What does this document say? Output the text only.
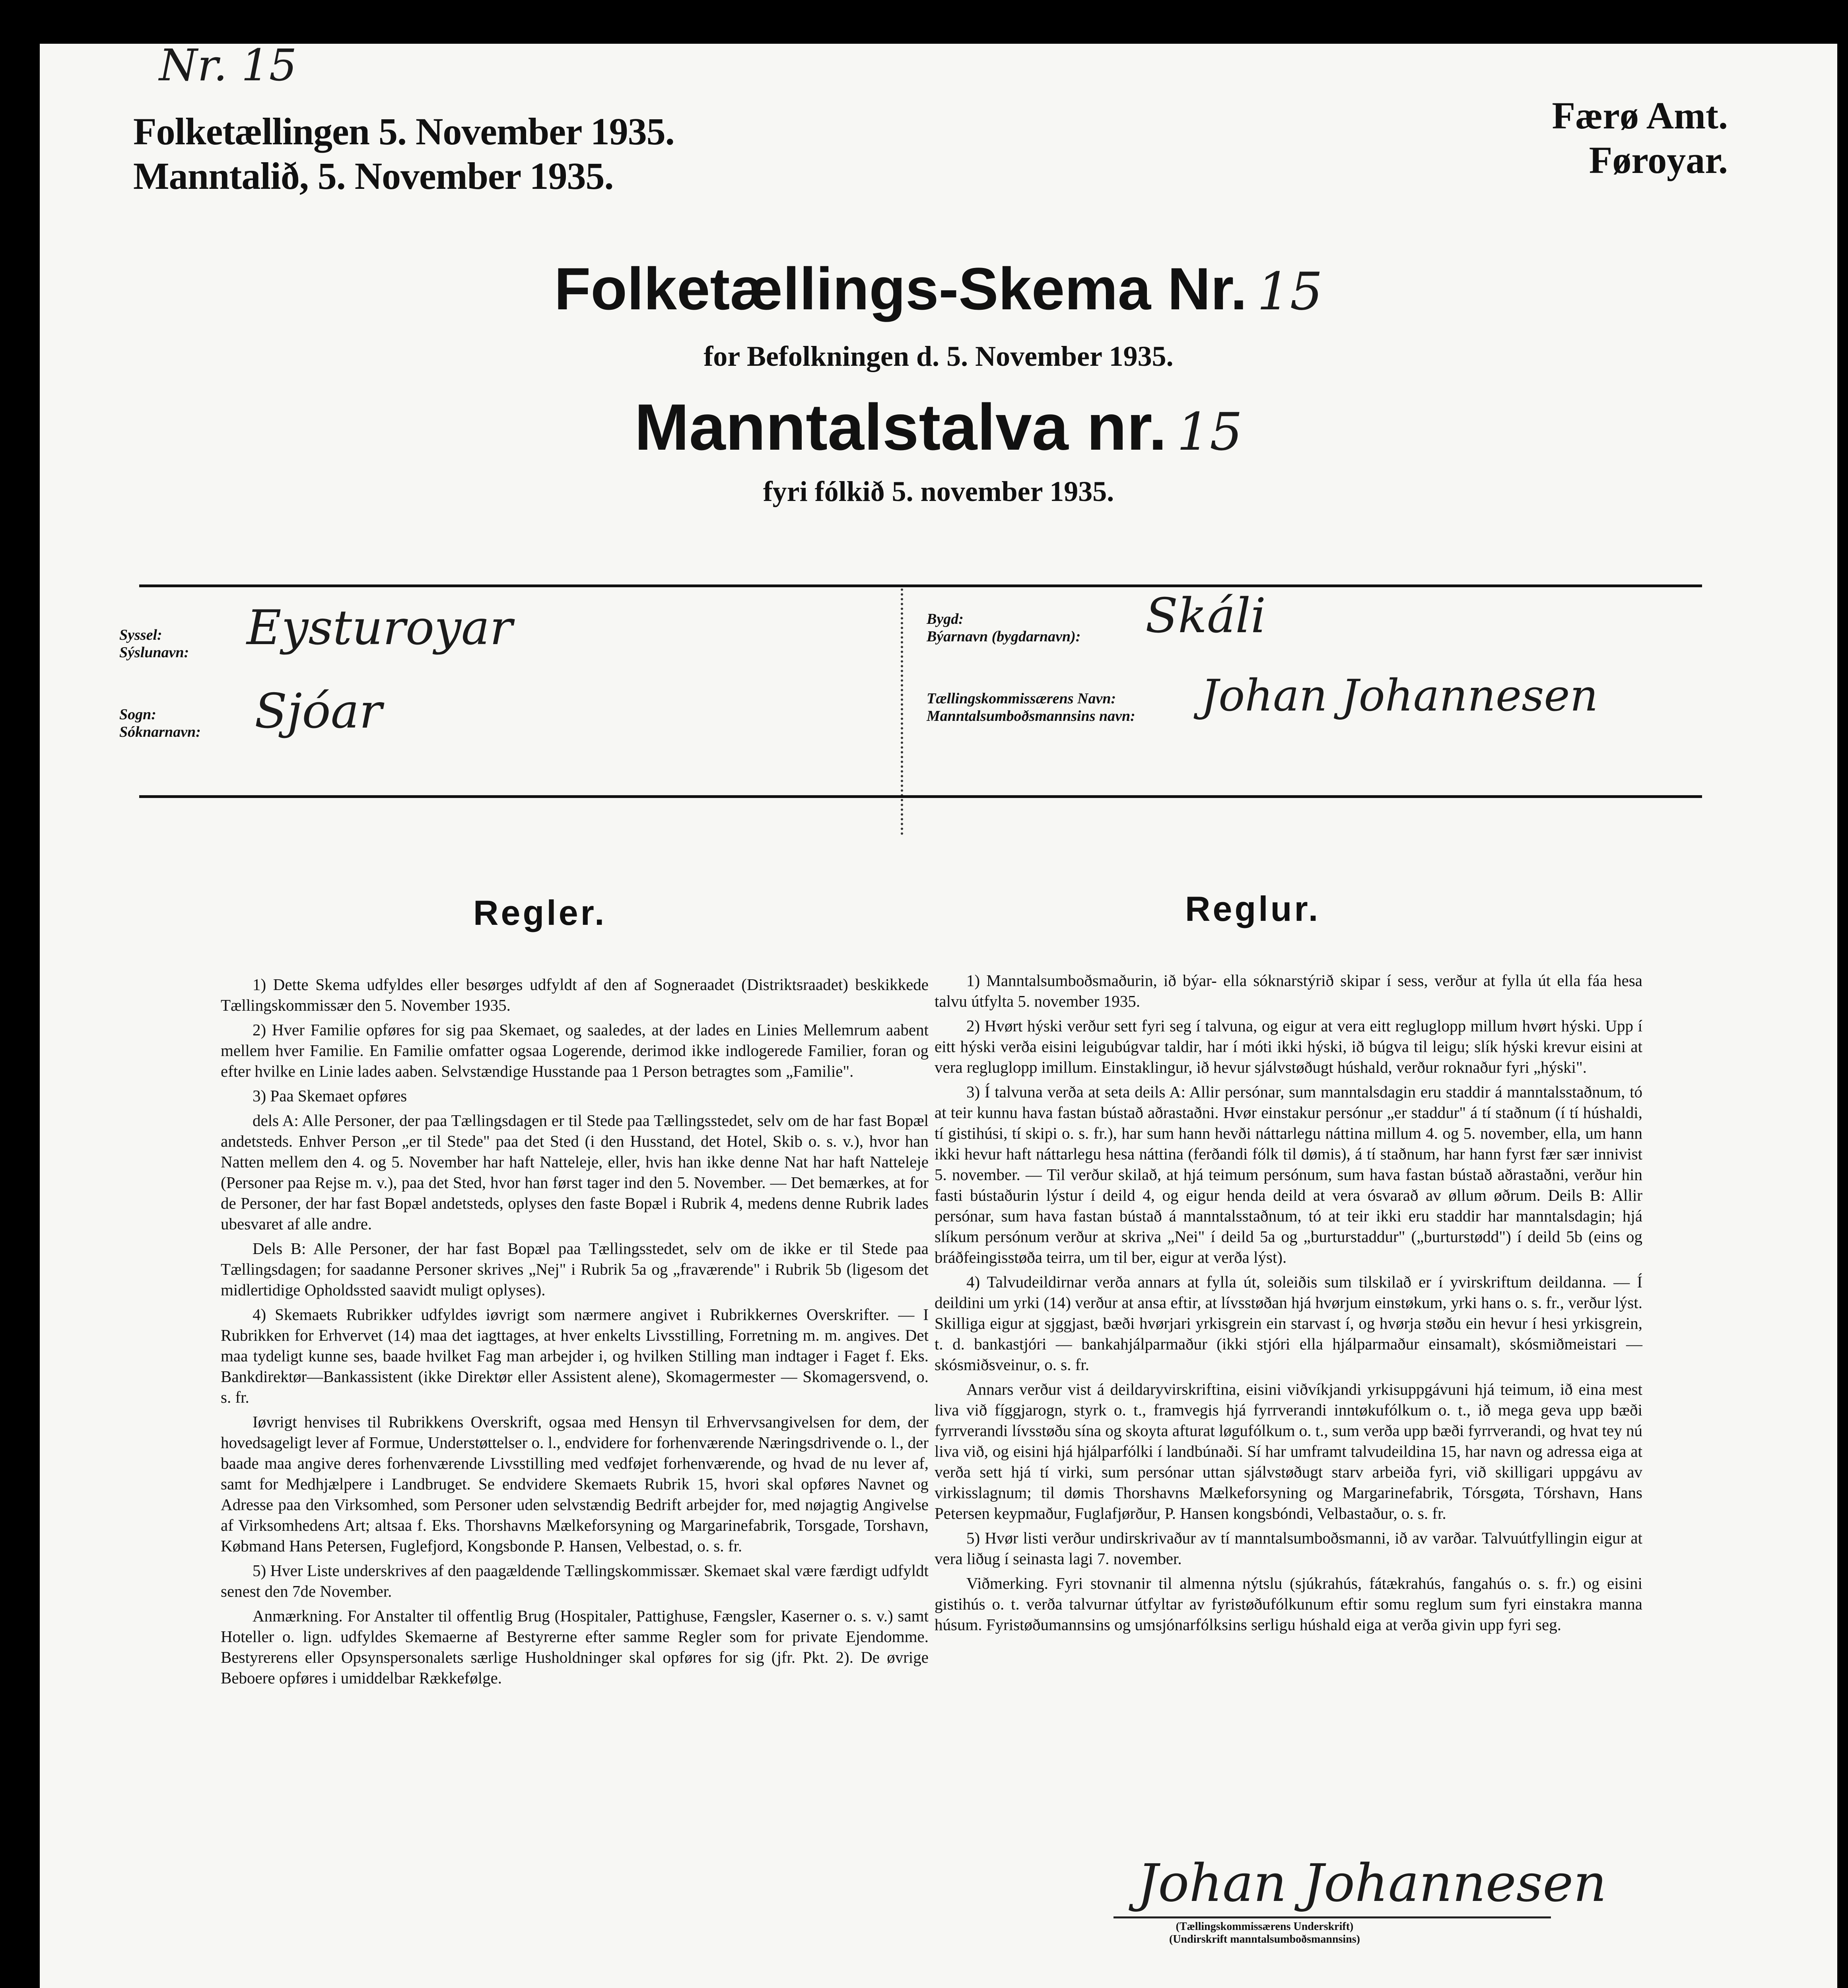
Nr. 15
Folketællingen 5. November 1935.
Manntalið, 5. November 1935.
Færø Amt.
Føroyar.
Folketællings-Skema Nr. 15
for Befolkningen d. 5. November 1935.
Manntalstalva nr. 15
fyri fólkið 5. november 1935.
Syssel:
Sýslunavn: Eysturoyar
Sogn:
Sóknarnavn: Sjóar
Bygd:
Býarnavn (bygdarnavn): Skáli
Tællingskommissærens Navn:
Manntalsumboðsmannsins navn: Johan Johannesen
Regler.

1) Dette Skema udfyldes eller besørges udfyldt af den af Sogneraadet (Distriktsraadet) beskikkede Tællingskommissær den 5. November 1935.

2) Hver Familie opføres for sig paa Skemaet, og saaledes, at der lades en Linies Mellemrum aabent mellem hver Familie. En Familie omfatter ogsaa Logerende, derimod ikke indlogerede Familier, foran og efter hvilke en Linie lades aaben. Selvstændige Husstande paa 1 Person betragtes som „Familie".

3) Paa Skemaet opføres

dels A: Alle Personer, der paa Tællingsdagen er til Stede paa Tællingsstedet, selv om de har fast Bopæl andetsteds. Enhver Person „er til Stede" paa det Sted (i den Husstand, det Hotel, Skib o. s. v.), hvor han Natten mellem den 4. og 5. November har haft Natteleje, eller, hvis han ikke denne Nat har haft Natteleje (Personer paa Rejse m. v.), paa det Sted, hvor han først tager ind den 5. November. — Det bemærkes, at for de Personer, der har fast Bopæl andetsteds, oplyses den faste Bopæl i Rubrik 4, medens denne Rubrik lades ubesvaret af alle andre.

Dels B: Alle Personer, der har fast Bopæl paa Tællingsstedet, selv om de ikke er til Stede paa Tællingsdagen; for saadanne Personer skrives „Nej" i Rubrik 5a og „fraværende" i Rubrik 5b (ligesom det midlertidige Opholdssted saavidt muligt oplyses).

4) Skemaets Rubrikker udfyldes iøvrigt som nærmere angivet i Rubrikkernes Overskrifter. — I Rubrikken for Erhvervet (14) maa det iagttages, at hver enkelts Livsstilling, Forretning m. m. angives. Det maa tydeligt kunne ses, baade hvilket Fag man arbejder i, og hvilken Stilling man indtager i Faget f. Eks. Bankdirektør—Bankassistent (ikke Direktør eller Assistent alene), Skomagermester — Skomagersvend, o. s. fr.

Iøvrigt henvises til Rubrikkens Overskrift, ogsaa med Hensyn til Erhvervsangivelsen for dem, der hovedsageligt lever af Formue, Understøttelser o. l., endvidere for forhenværende Næringsdrivende o. l., der baade maa angive deres forhenværende Livsstilling med vedføjet forhenværende, og hvad de nu lever af, samt for Medhjælpere i Landbruget. Se endvidere Skemaets Rubrik 15, hvori skal opføres Navnet og Adresse paa den Virksomhed, som Personer uden selvstændig Bedrift arbejder for, med nøjagtig Angivelse af Virksomhedens Art; altsaa f. Eks. Thorshavns Mælkeforsyning og Margarinefabrik, Torsgade, Torshavn, Købmand Hans Petersen, Fuglefjord, Kongsbonde P. Hansen, Velbestad, o. s. fr.

5) Hver Liste underskrives af den paagældende Tællingskommissær. Skemaet skal være færdigt udfyldt senest den 7de November.

Anmærkning. For Anstalter til offentlig Brug (Hospitaler, Pattighuse, Fængsler, Kaserner o. s. v.) samt Hoteller o. lign. udfyldes Skemaerne af Bestyrerne efter samme Regler som for private Ejendomme. Bestyrerens eller Opsynspersonalets særlige Husholdninger skal opføres for sig (jfr. Pkt. 2). De øvrige Beboere opføres i umiddelbar Rækkefølge.

Reglur.

1) Manntalsumboðsmaðurin, ið býar- ella sóknarstýrið skipar í sess, verður at fylla út ella fáa hesa talvu útfylta 5. november 1935.

2) Hvørt hýski verður sett fyri seg í talvuna, og eigur at vera eitt regluglopp millum hvørt hýski. Upp í eitt hýski verða eisini leigubúgvar taldir, har í móti ikki hýski, ið búgva til leigu; slík hýski krevur eisini at vera regluglopp imillum. Einstaklingur, ið hevur sjálvstøðugt húshald, verður roknaður fyri „hýski".

3) Í talvuna verða at seta deils A: Allir persónar, sum manntalsdagin eru staddir á manntalsstaðnum, tó at teir kunnu hava fastan bústað aðrastaðni. Hvør einstakur persónur „er staddur" á tí staðnum (í tí húshaldi, tí gistihúsi, tí skipi o. s. fr.), har sum hann hevði náttarlegu náttina millum 4. og 5. november, ella, um hann ikki hevur haft náttarlegu hesa náttina (ferðandi fólk til dømis), á tí staðnum, har hann fyrst fær sær innivist 5. november. — Til verður skilað, at hjá teimum persónum, sum hava fastan bústað aðrastaðni, verður hin fasti bústaðurin lýstur í deild 4, og eigur henda deild at vera ósvarað av øllum øðrum. Deils B: Allir persónar, sum hava fastan bústað á manntalsstaðnum, tó at teir ikki eru staddir har manntalsdagin; hjá slíkum persónum verður at skriva „Nei" í deild 5a og „burturstaddur" („burturstødd") í deild 5b (eins og bráðfeingisstøða teirra, um til ber, eigur at verða lýst).

4) Talvudeildirnar verða annars at fylla út, soleiðis sum tilskilað er í yvirskriftum deildanna. — Í deildini um yrki (14) verður at ansa eftir, at lívsstøðan hjá hvørjum einstøkum, yrki hans o. s. fr., verður lýst. Skilliga eigur at sjggjast, bæði hvørjari yrkisgrein ein starvast í, og hvørja støðu ein hevur í hesi yrkisgrein, t. d. bankastjóri — bankahjálparmaður (ikki stjóri ella hjálparmaður einsamalt), skósmiðmeistari — skósmiðsveinur, o. s. fr.

Annars verður vist á deildaryvirskriftina, eisini viðvíkjandi yrkisuppgávuni hjá teimum, ið eina mest liva við fíggjarogn, styrk o. t., framvegis hjá fyrrverandi inntøkufólkum o. t., ið mega geva upp bæði fyrrverandi lívsstøðu sína og skoyta afturat løgufólkum o. t., sum verða upp bæði fyrrverandi, og hvat tey nú liva við, og eisini hjá hjálparfólki í landbúnaði. Sí har umframt talvudeildina 15, har navn og adressa eiga at verða sett hjá tí virki, sum persónar uttan sjálvstøðugt starv arbeiða fyri, við skilligari uppgávu av virkisslagnum; til dømis Thorshavns Mælkeforsyning og Margarinefabrik, Tórsgøta, Tórshavn, Hans Petersen keypmaður, Fuglafjørður, P. Hansen kongsbóndi, Velbastaður, o. s. fr.

5) Hvør listi verður undirskrivaður av tí manntalsumboðsmanni, ið av varðar. Talvuútfyllingin eigur at vera liðug í seinasta lagi 7. november.

Viðmerking. Fyri stovnanir til almenna nýtslu (sjúkrahús, fátækrahús, fangahús o. s. fr.) og eisini gistihús o. t. verða talvurnar útfyltar av fyristøðufólkunum eftir somu reglum sum fyri einstakra manna húsum. Fyristøðumannsins og umsjónarfólksins serligu húshald eiga at verða givin upp fyri seg.

Johan Johannesen
(Tællingskommissærens Underskrift)
(Undirskrift manntalsumboðsmannsins)
